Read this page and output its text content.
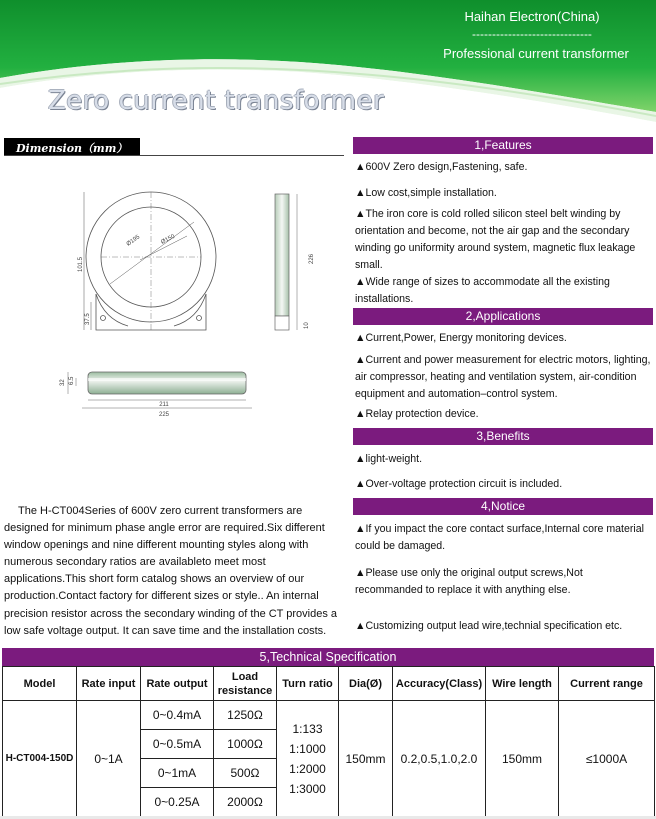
Haihan Electron(China)
------------------------------
Professional current transformer
Zero current transformer
Dimension（mm）
Ø195	Ø150
101.5
37.5
226
10
211
225
32 6.5
The H-CT004Series of 600V zero current transformers are designed for minimum phase angle error are required.Six different window openings and nine different mounting styles along with numerous secondary ratios are availableto meet most applications.This short form catalog shows an overview of our production.Contact factory for different sizes or style.. An internal precision resistor across the secondary winding of the CT provides a low safe voltage output. It can save time and the installation costs.
1,Features
▲600V Zero design,Fastening, safe.
▲Low cost,simple installation.
▲The iron core is cold rolled silicon steel belt winding by orientation and become, not the air gap and the secondary winding go uniformity around system, magnetic flux leakage small.
▲Wide range of sizes to accommodate all the existing installations.
2,Applications
▲Current,Power, Energy monitoring devices.
▲Current and power measurement for electric motors, lighting, air compressor, heating and ventilation system, air-condition equipment and automation–control system.
▲Relay protection device.
3,Benefits
▲light-weight.
▲Over-voltage protection circuit is included.
4,Notice
▲If you impact the core contact surface,Internal core material could be damaged.
▲Please use only the original output screws,Not recommanded to replace it with anything else.
▲Customizing output lead wire,technial specification etc.
5,Technical Specification
Model	Rate input	Rate output	Load resistance	Turn ratio	Dia(Ø)	Accuracy(Class)	Wire length	Current range
H-CT004-150D	0~1A	0~0.4mA	1250Ω	1:133
1:1000
1:2000
1:3000	150mm	0.2,0.5,1.0,2.0	150mm	≤1000A
		0~0.5mA	1000Ω					
		0~1mA	500Ω					
		0~0.25A	2000Ω					
